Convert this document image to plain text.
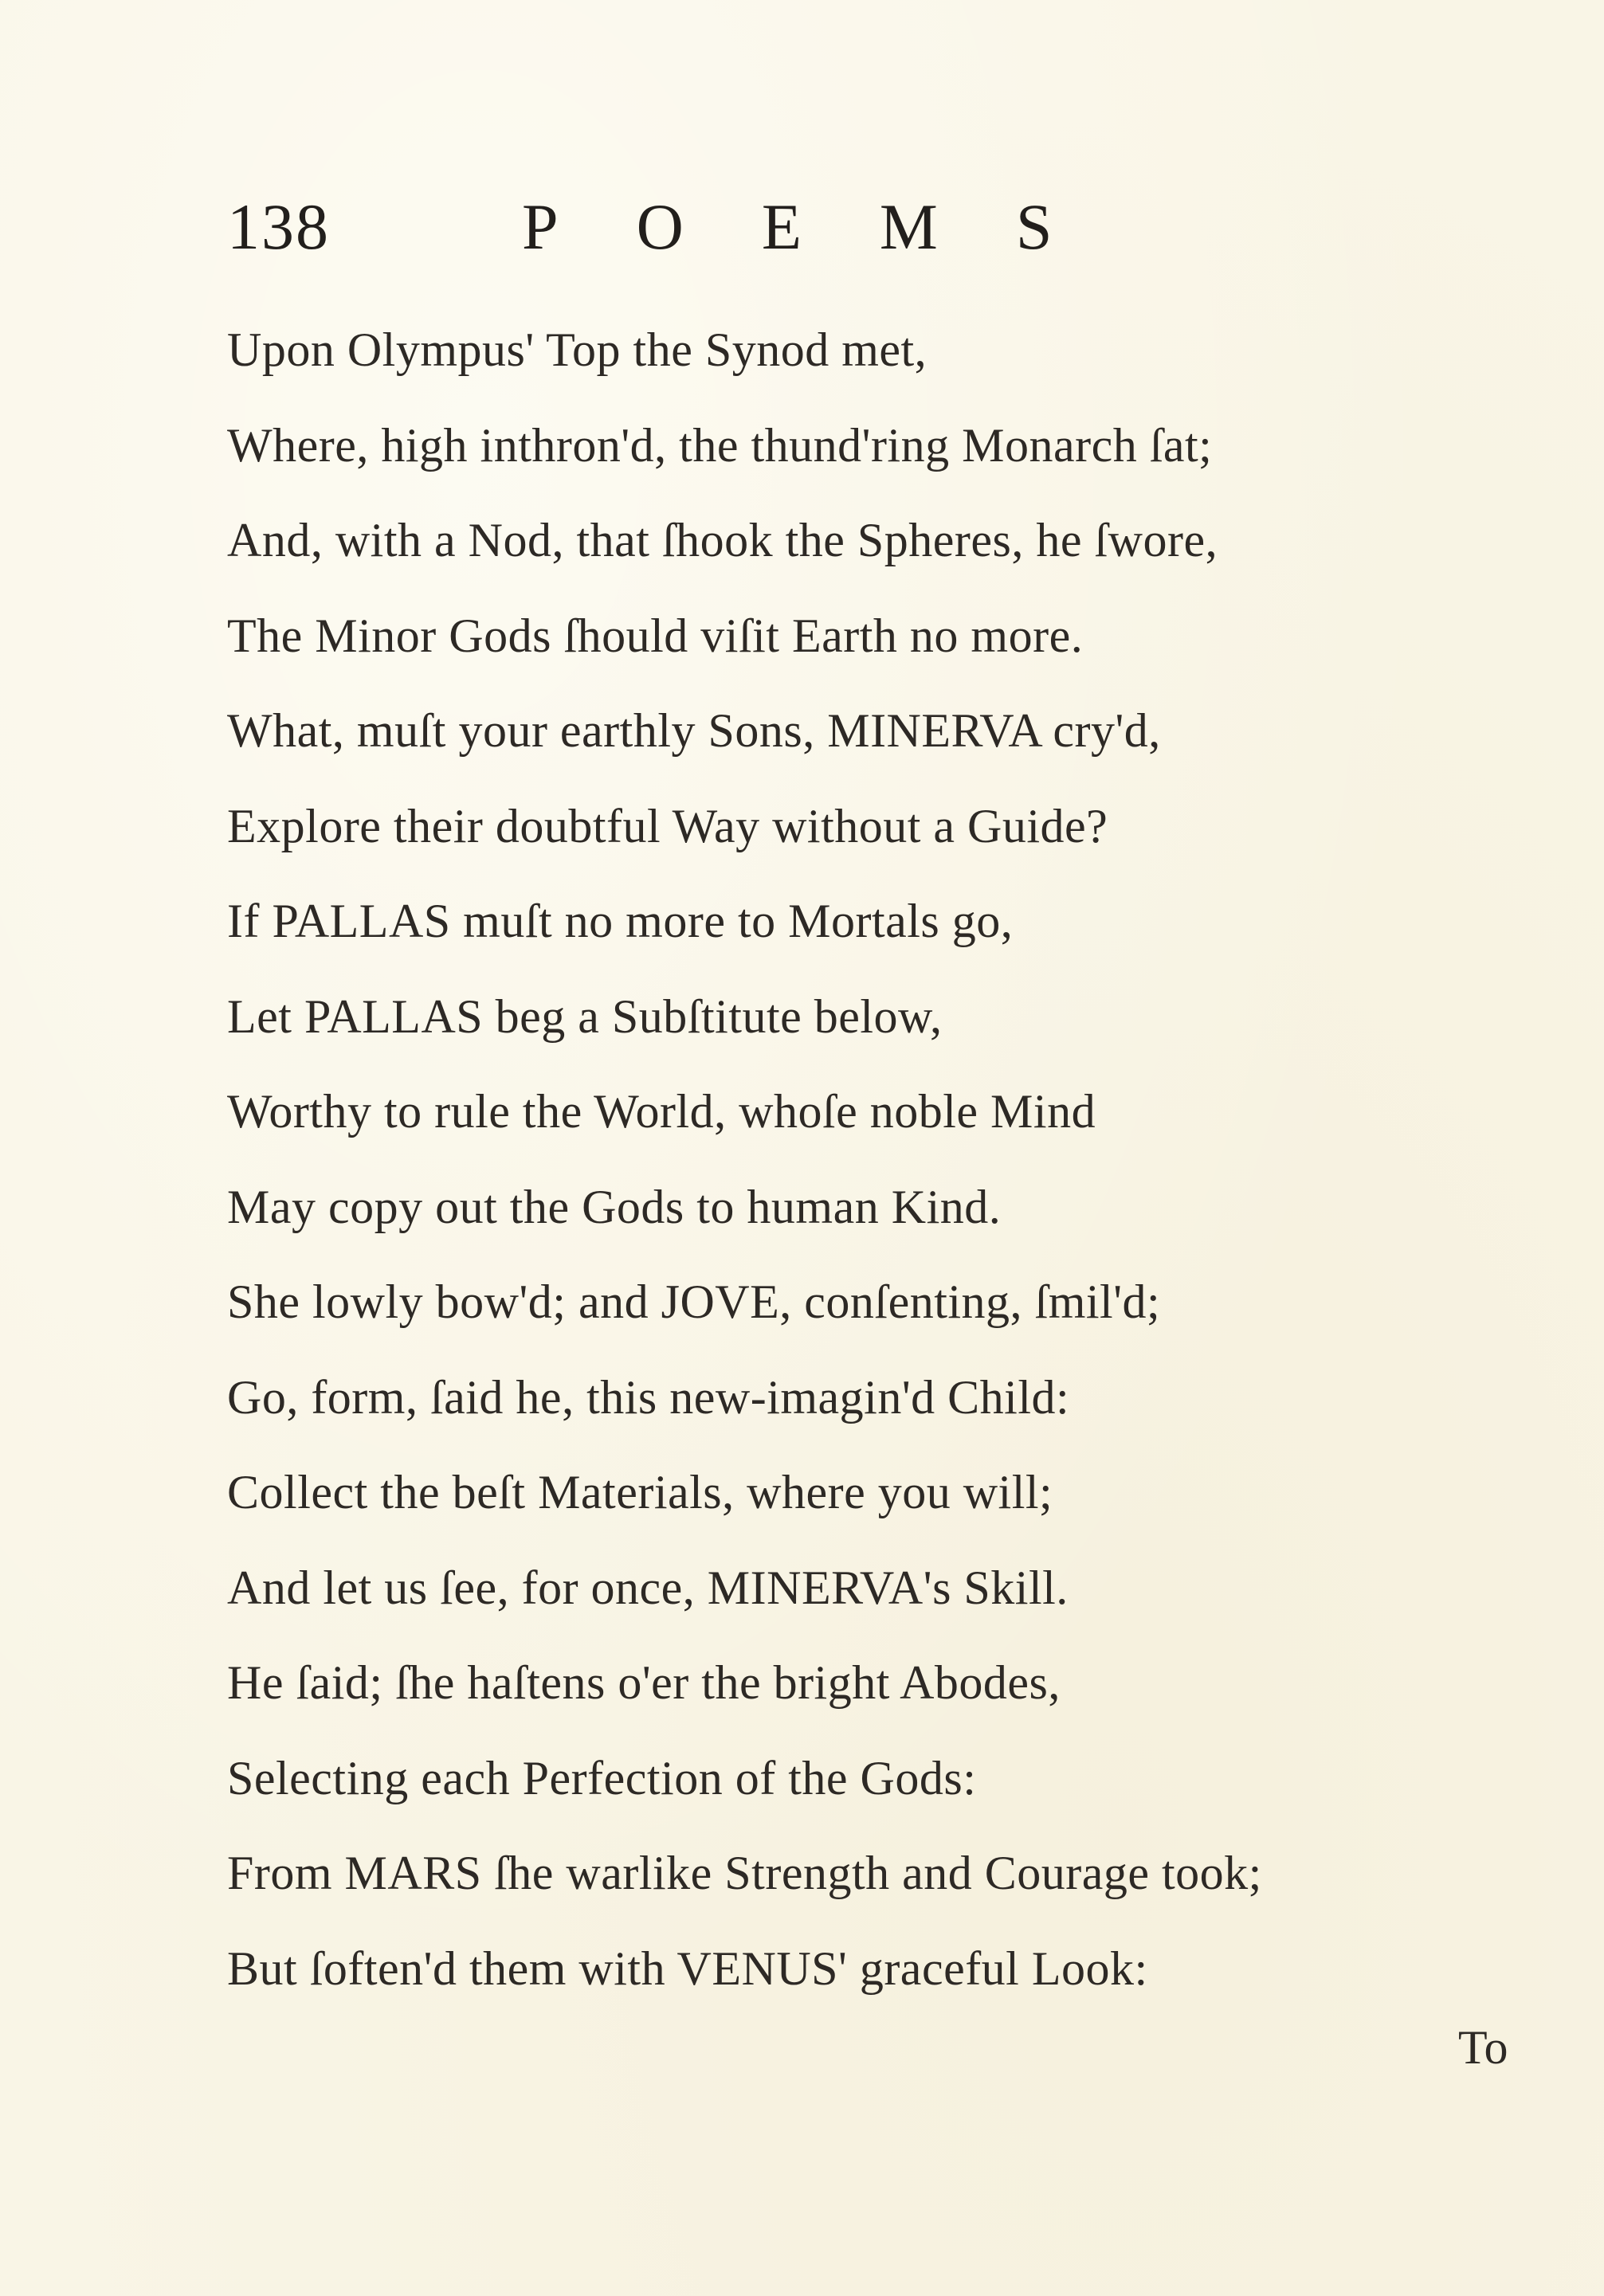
138	POEMS
Upon Olympus' Top the Synod met,
Where, high inthron'd, the thund'ring Monarch ſat;
And, with a Nod, that ſhook the Spheres, he ſwore,
The Minor Gods ſhould viſit Earth no more.
What, muſt your earthly Sons, MINERVA cry'd,
Explore their doubtful Way without a Guide?
If PALLAS muſt no more to Mortals go,
Let PALLAS beg a Subſtitute below,
Worthy to rule the World, whoſe noble Mind
May copy out the Gods to human Kind.
She lowly bow'd; and JOVE, conſenting, ſmil'd;
Go, form, ſaid he, this new-imagin'd Child:
Collect the beſt Materials, where you will;
And let us ſee, for once, MINERVA's Skill.
He ſaid; ſhe haſtens o'er the bright Abodes,
Selecting each Perfection of the Gods:
From MARS ſhe warlike Strength and Courage took;
But ſoften'd them with VENUS' graceful Look:
To
